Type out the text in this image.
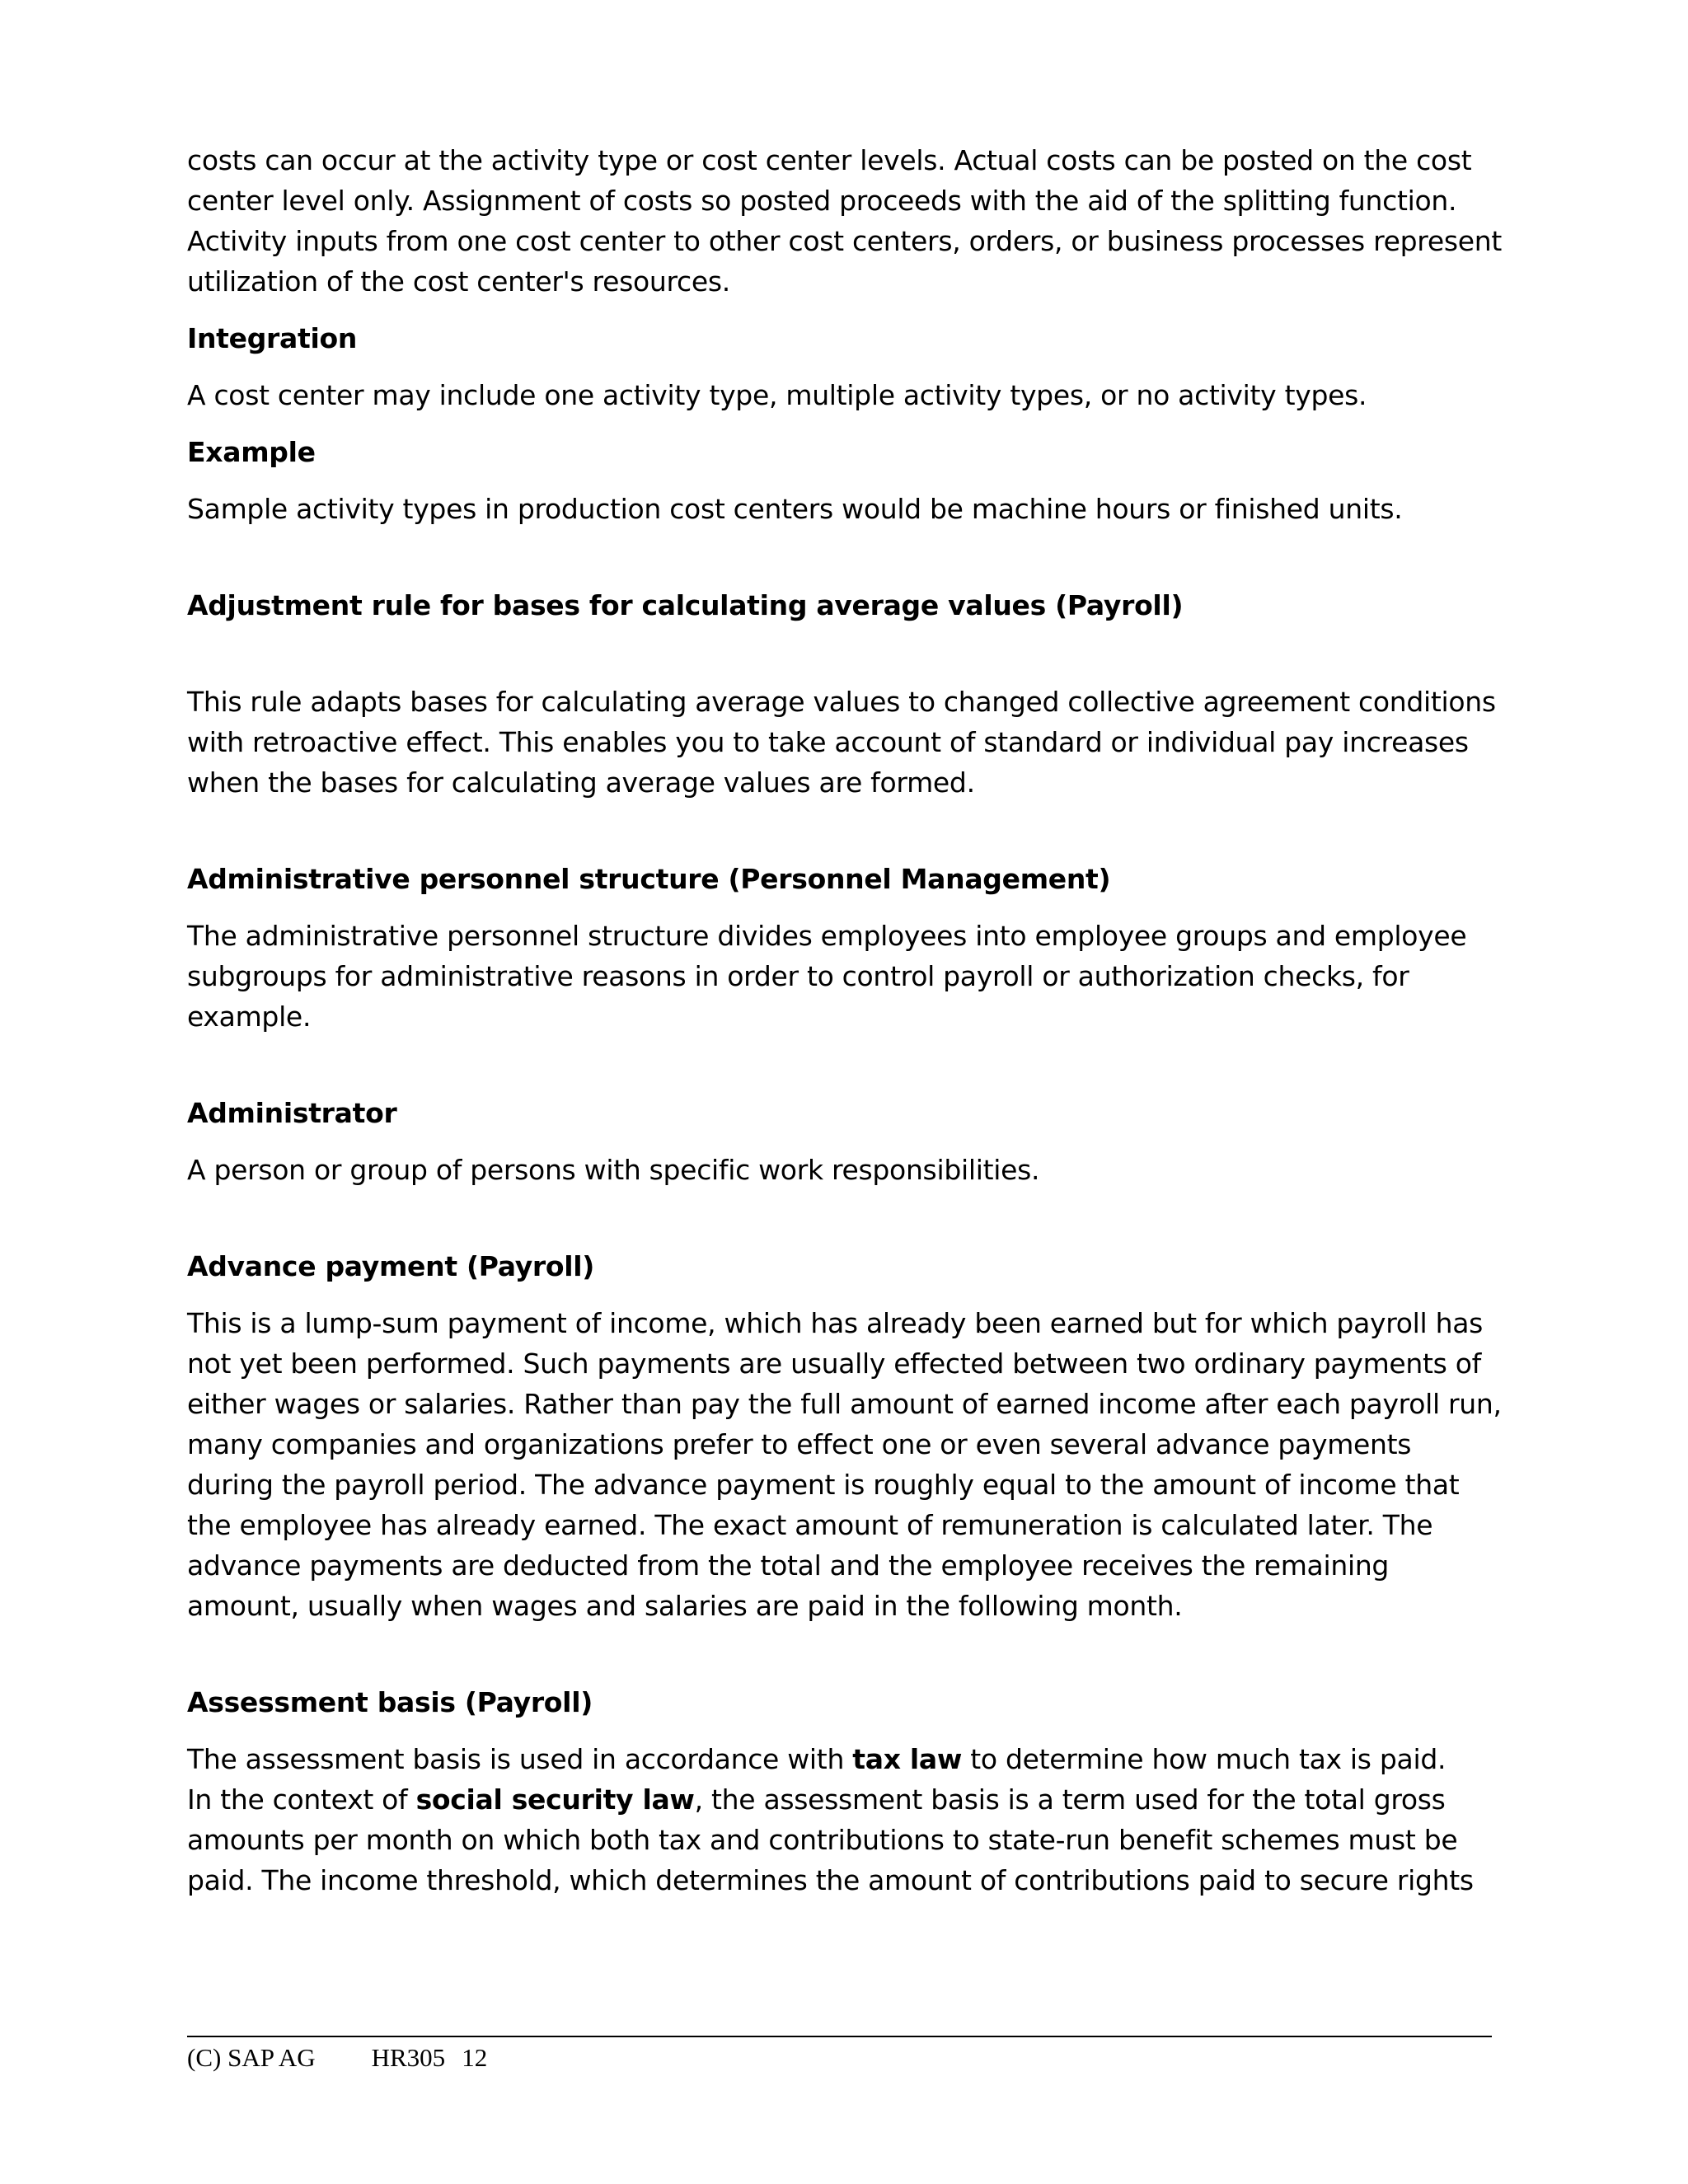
costs can occur at the activity type or cost center levels. Actual costs can be posted on the cost center level only. Assignment of costs so posted proceeds with the aid of the splitting function. Activity inputs from one cost center to other cost centers, orders, or business processes represent utilization of the cost center's resources.

Integration

A cost center may include one activity type, multiple activity types, or no activity types.

Example

Sample activity types in production cost centers would be machine hours or finished units.

Adjustment rule for bases for calculating average values (Payroll)

This rule adapts bases for calculating average values to changed collective agreement conditions with retroactive effect. This enables you to take account of standard or individual pay increases when the bases for calculating average values are formed.

Administrative personnel structure (Personnel Management)

The administrative personnel structure divides employees into employee groups and employee subgroups for administrative reasons in order to control payroll or authorization checks, for example.

Administrator

A person or group of persons with specific work responsibilities.

Advance payment (Payroll)

This is a lump-sum payment of income, which has already been earned but for which payroll has not yet been performed. Such payments are usually effected between two ordinary payments of either wages or salaries. Rather than pay the full amount of earned income after each payroll run, many companies and organizations prefer to effect one or even several advance payments during the payroll period. The advance payment is roughly equal to the amount of income that the employee has already earned. The exact amount of remuneration is calculated later. The advance payments are deducted from the total and the employee receives the remaining amount, usually when wages and salaries are paid in the following month.

Assessment basis (Payroll)

The assessment basis is used in accordance with tax law to determine how much tax is paid.
In the context of social security law, the assessment basis is a term used for the total gross amounts per month on which both tax and contributions to state-run benefit schemes must be paid. The income threshold, which determines the amount of contributions paid to secure rights

(C) SAP AG HR305 12
